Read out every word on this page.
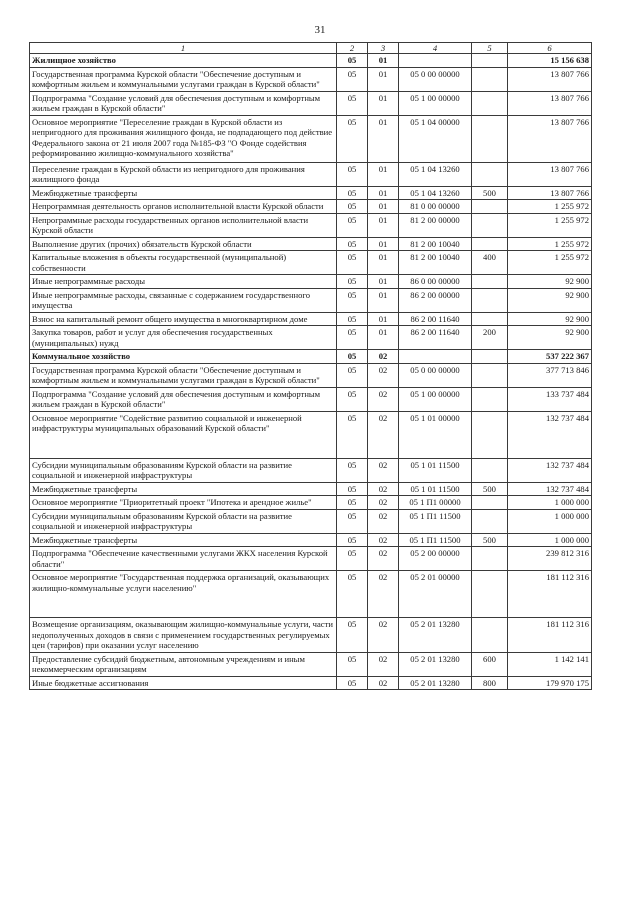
31
1	2	3	4	5	6
Жилищное хозяйство	05	01			15 156 638
Государственная программа Курской области "Обеспечение доступным и комфортным жильем и коммунальными услугами граждан в Курской области"	05	01	05 0 00 00000		13 807 766
Подпрограмма "Создание условий для обеспечения доступным и комфортным жильем граждан в Курской области"	05	01	05 1 00 00000		13 807 766
Основное мероприятие "Переселение граждан в Курской области из непригодного для проживания жилищного фонда, не подпадающего под действие Федерального закона от 21 июля 2007 года №185-ФЗ "О Фонде содействия реформированию жилищно-коммунального хозяйства"	05	01	05 1 04 00000		13 807 766
Переселение граждан в Курской области из непригодного для проживания жилищного фонда	05	01	05 1 04 13260		13 807 766
Межбюджетные трансферты	05	01	05 1 04 13260	500	13 807 766
Непрограммная деятельность органов исполнительной власти Курской области	05	01	81 0 00 00000		1 255 972
Непрограммные расходы государственных органов исполнительной власти Курской области	05	01	81 2 00 00000		1 255 972
Выполнение других (прочих) обязательств Курской области	05	01	81 2 00 10040		1 255 972
Капитальные вложения в объекты государственной (муниципальной) собственности	05	01	81 2 00 10040	400	1 255 972
Иные непрограммные расходы	05	01	86 0 00 00000		92 900
Иные непрограммные расходы, связанные с содержанием государственного имущества	05	01	86 2 00 00000		92 900
Взнос на капитальный ремонт общего имущества в многоквартирном доме	05	01	86 2 00 11640		92 900
Закупка товаров, работ и услуг для обеспечения государственных (муниципальных) нужд	05	01	86 2 00 11640	200	92 900
Коммунальное хозяйство	05	02			537 222 367
Государственная программа Курской области "Обеспечение доступным и комфортным жильем и коммунальными услугами граждан в Курской области"	05	02	05 0 00 00000		377 713 846
Подпрограмма "Создание условий для обеспечения доступным и комфортным жильем граждан в Курской области"	05	02	05 1 00 00000		133 737 484
Основное мероприятие "Содействие развитию социальной и инженерной инфраструктуры муниципальных образований Курской области"	05	02	05 1 01 00000		132 737 484
Субсидии муниципальным образованиям Курской области на развитие социальной и инженерной инфраструктуры	05	02	05 1 01 11500		132 737 484
Межбюджетные трансферты	05	02	05 1 01 11500	500	132 737 484
Основное мероприятие "Приоритетный проект "Ипотека и арендное жилье"	05	02	05 1 П1 00000		1 000 000
Субсидии муниципальным образованиям Курской области на развитие социальной и инженерной инфраструктуры	05	02	05 1 П1 11500		1 000 000
Межбюджетные трансферты	05	02	05 1 П1 11500	500	1 000 000
Подпрограмма "Обеспечение качественными услугами ЖКХ населения Курской области"	05	02	05 2 00 00000		239 812 316
Основное мероприятие "Государственная поддержка организаций, оказывающих жилищно-коммунальные услуги населению"	05	02	05 2 01 00000		181 112 316
Возмещение организациям, оказывающим жилищно-коммунальные услуги, части недополученных доходов в связи с применением государственных регулируемых цен (тарифов) при оказании услуг населению	05	02	05 2 01 13280		181 112 316
Предоставление субсидий бюджетным, автономным учреждениям и иным некоммерческим организациям	05	02	05 2 01 13280	600	1 142 141
Иные бюджетные ассигнования	05	02	05 2 01 13280	800	179 970 175
